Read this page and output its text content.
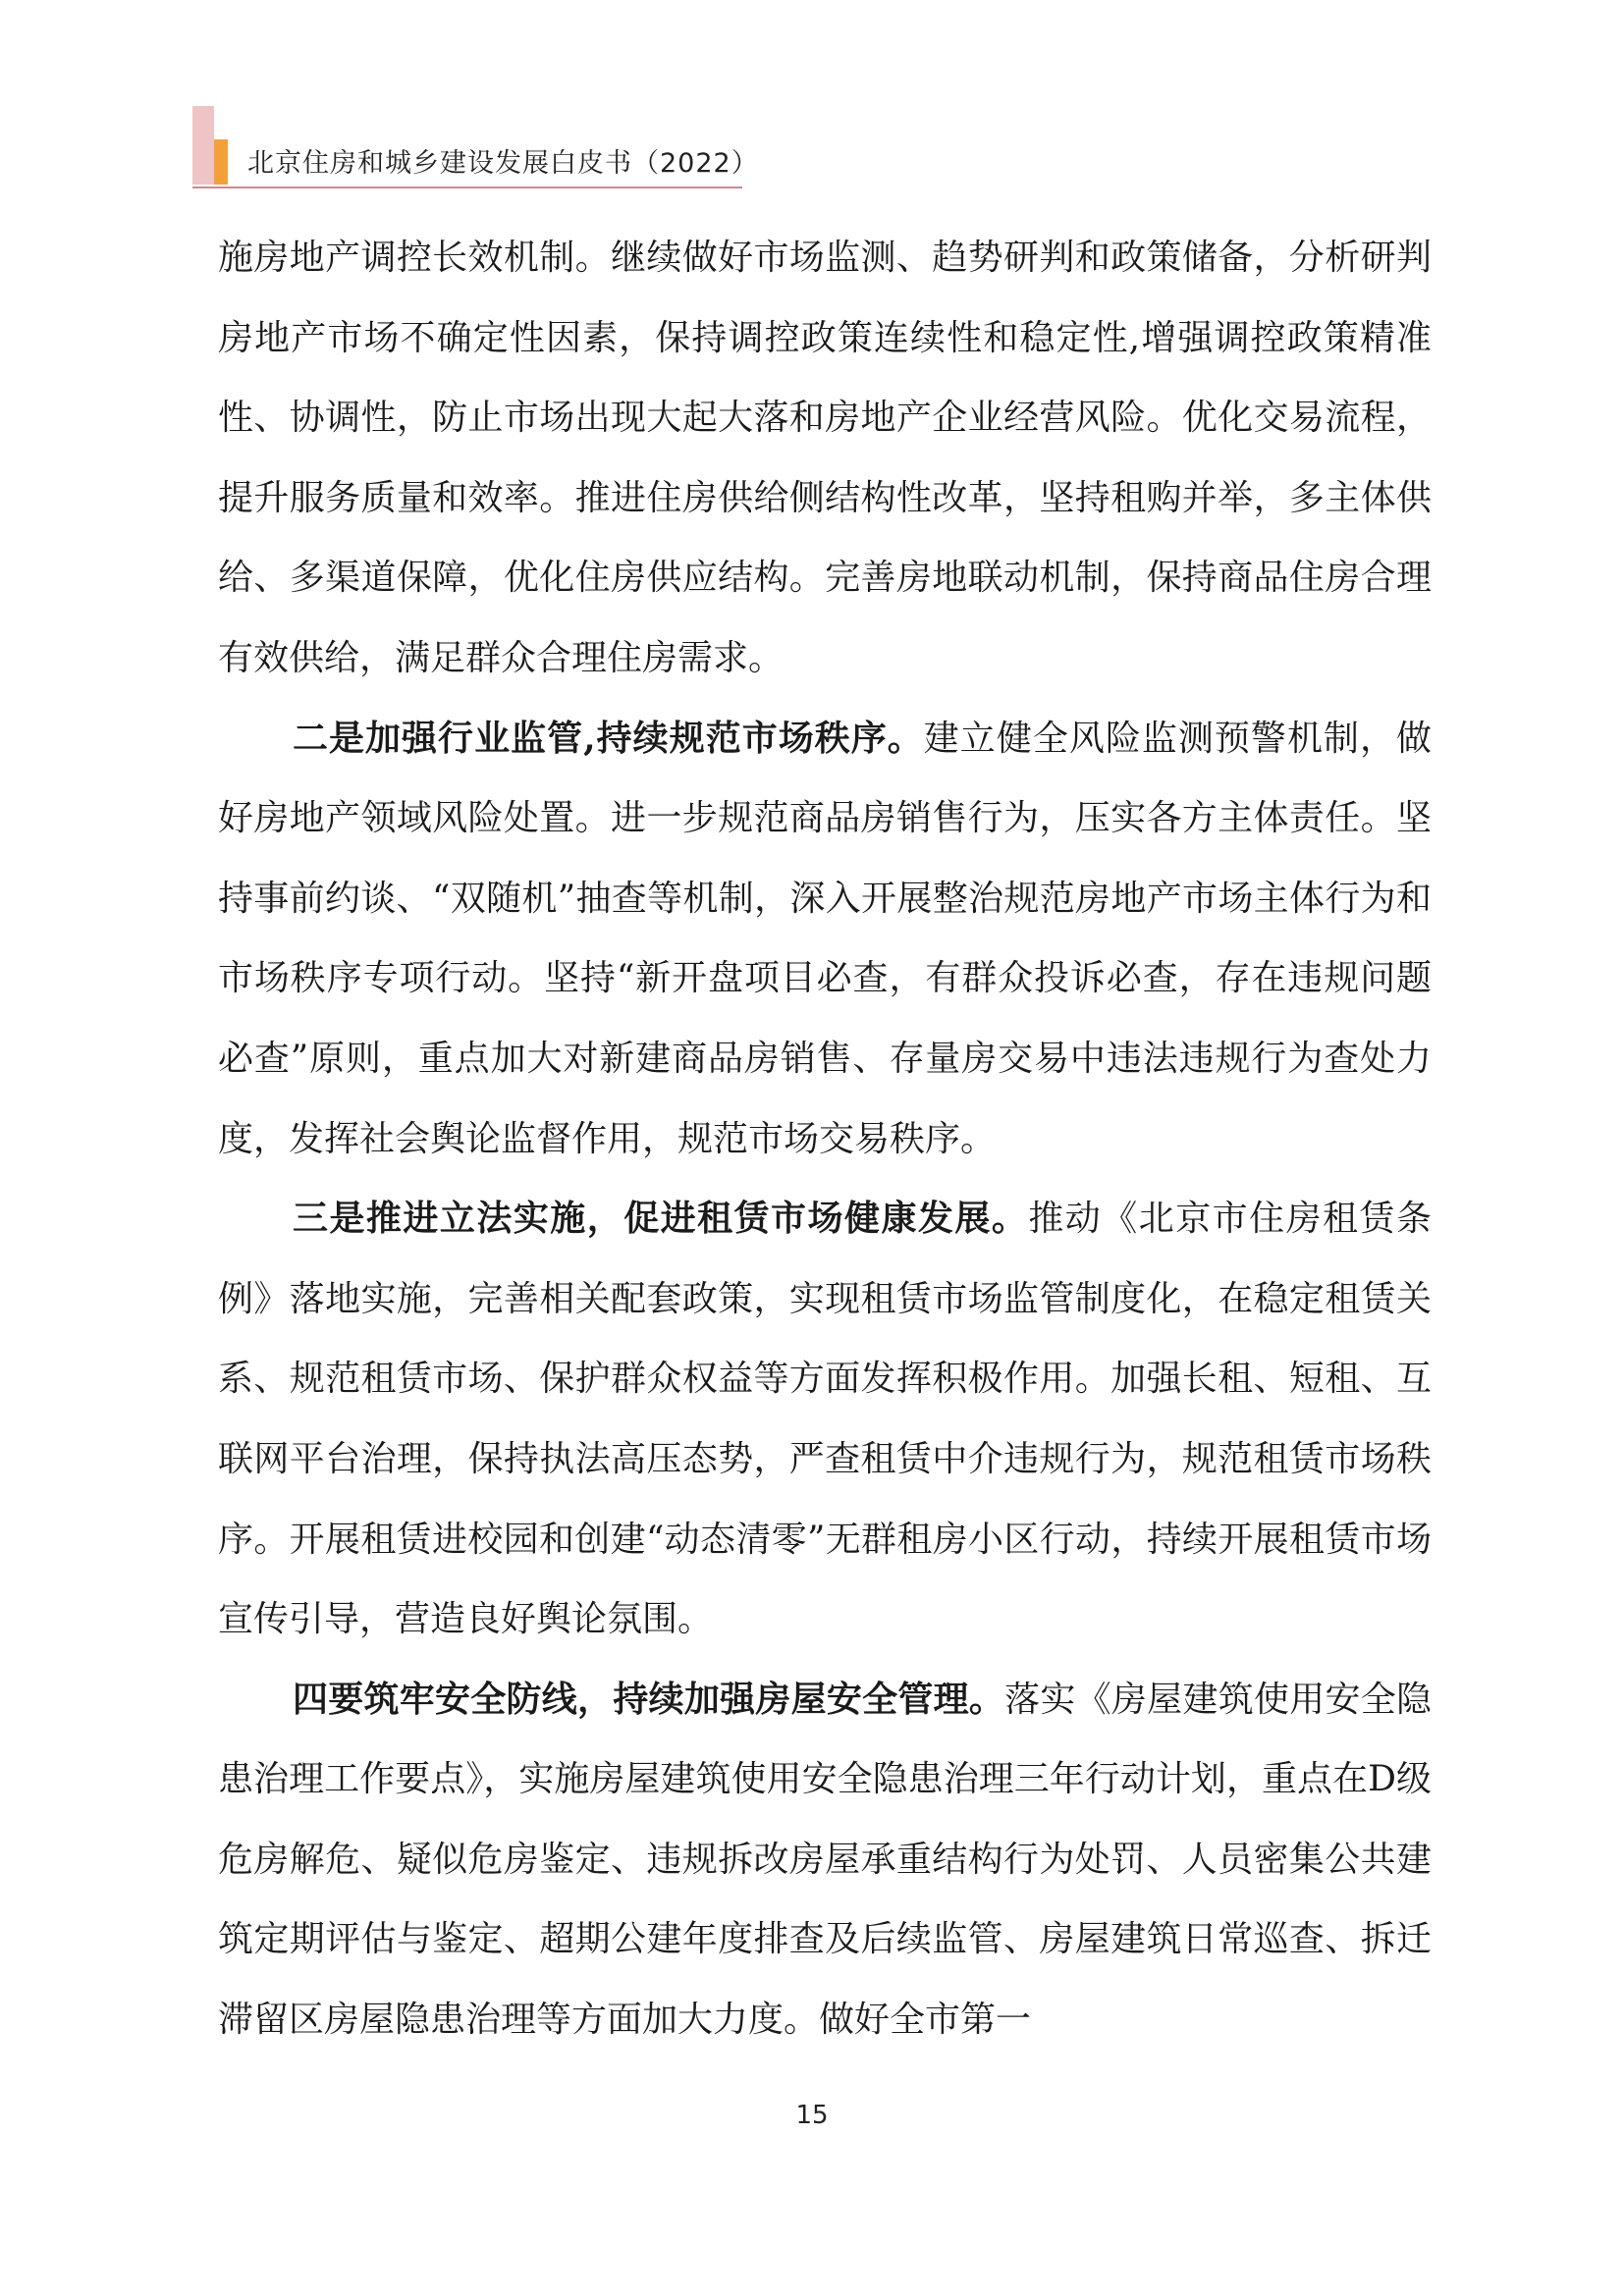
北京住房和城乡建设发展白皮书（2022）

施房地产调控长效机制。继续做好市场监测、趋势研判和政策储备，分析研判房地产市场不确定性因素，保持调控政策连续性和稳定性,增强调控政策精准性、协调性，防止市场出现大起大落和房地产企业经营风险。优化交易流程，提升服务质量和效率。推进住房供给侧结构性改革，坚持租购并举，多主体供给、多渠道保障，优化住房供应结构。完善房地联动机制，保持商品住房合理有效供给，满足群众合理住房需求。

二是加强行业监管,持续规范市场秩序。建立健全风险监测预警机制，做好房地产领域风险处置。进一步规范商品房销售行为，压实各方主体责任。坚持事前约谈、“双随机”抽查等机制，深入开展整治规范房地产市场主体行为和市场秩序专项行动。坚持“新开盘项目必查，有群众投诉必查，存在违规问题必查”原则，重点加大对新建商品房销售、存量房交易中违法违规行为查处力度，发挥社会舆论监督作用，规范市场交易秩序。

三是推进立法实施，促进租赁市场健康发展。推动《北京市住房租赁条例》落地实施，完善相关配套政策，实现租赁市场监管制度化，在稳定租赁关系、规范租赁市场、保护群众权益等方面发挥积极作用。加强长租、短租、互联网平台治理，保持执法高压态势，严查租赁中介违规行为，规范租赁市场秩序。开展租赁进校园和创建“动态清零”无群租房小区行动，持续开展租赁市场宣传引导，营造良好舆论氛围。

四要筑牢安全防线，持续加强房屋安全管理。落实《房屋建筑使用安全隐患治理工作要点》，实施房屋建筑使用安全隐患治理三年行动计划，重点在D级危房解危、疑似危房鉴定、违规拆改房屋承重结构行为处罚、人员密集公共建筑定期评估与鉴定、超期公建年度排查及后续监管、房屋建筑日常巡查、拆迁滞留区房屋隐患治理等方面加大力度。做好全市第一

15
